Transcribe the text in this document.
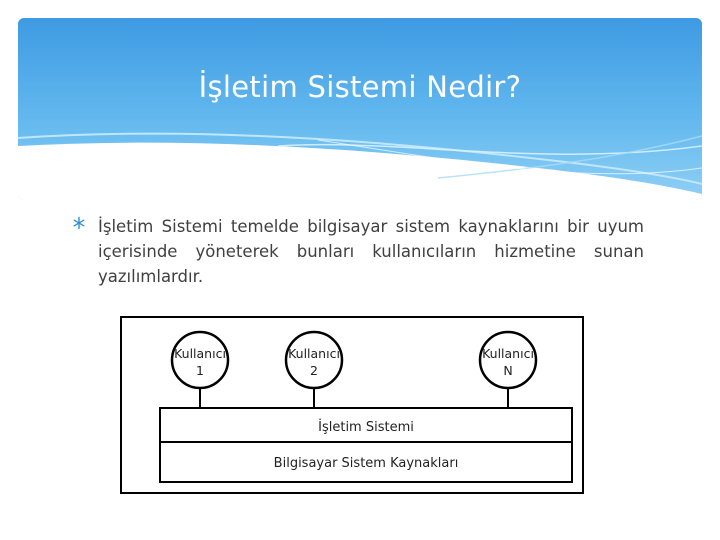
İşletim Sistemi Nedir?

İşletim Sistemi temelde bilgisayar sistem kaynaklarını bir uyum içerisinde yöneterek bunları kullanıcıların hizmetine sunan yazılımlardır.

Kullanıcı
1
Kullanıcı
2
Kullanıcı
N
İşletim Sistemi
Bilgisayar Sistem Kaynakları
